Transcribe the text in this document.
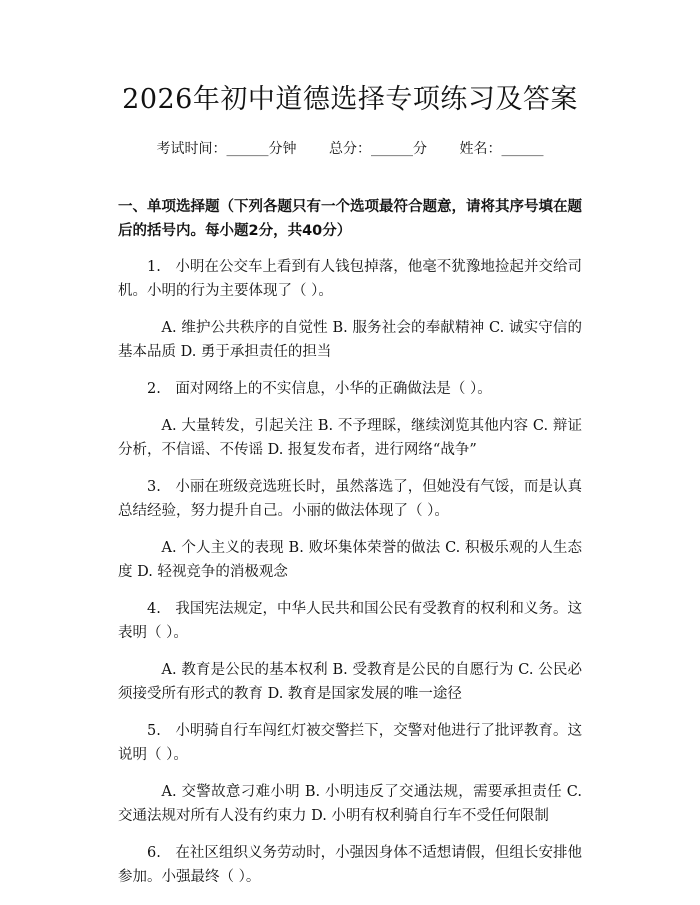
2026年初中道德选择专项练习及答案
考试时间：______分钟 总分：______分 姓名：______
一、单项选择题（下列各题只有一个选项最符合题意，请将其序号填在题后的括号内。每小题2分，共40分）

1.　小明在公交车上看到有人钱包掉落，他毫不犹豫地捡起并交给司机。小明的行为主要体现了（ ）。

A. 维护公共秩序的自觉性 B. 服务社会的奉献精神 C. 诚实守信的基本品质 D. 勇于承担责任的担当

2.　面对网络上的不实信息，小华的正确做法是（ ）。

A. 大量转发，引起关注 B. 不予理睬，继续浏览其他内容 C. 辩证分析，不信谣、不传谣 D. 报复发布者，进行网络“战争”

3.　小丽在班级竞选班长时，虽然落选了，但她没有气馁，而是认真总结经验，努力提升自己。小丽的做法体现了（ ）。

A. 个人主义的表现 B. 败坏集体荣誉的做法 C. 积极乐观的人生态度 D. 轻视竞争的消极观念

4.　我国宪法规定，中华人民共和国公民有受教育的权利和义务。这表明（ ）。

A. 教育是公民的基本权利 B. 受教育是公民的自愿行为 C. 公民必须接受所有形式的教育 D. 教育是国家发展的唯一途径

5.　小明骑自行车闯红灯被交警拦下，交警对他进行了批评教育。这说明（ ）。

A. 交警故意刁难小明 B. 小明违反了交通法规，需要承担责任 C. 交通法规对所有人没有约束力 D. 小明有权利骑自行车不受任何限制

6.　在社区组织义务劳动时，小强因身体不适想请假，但组长安排他参加。小强最终（ ）。
